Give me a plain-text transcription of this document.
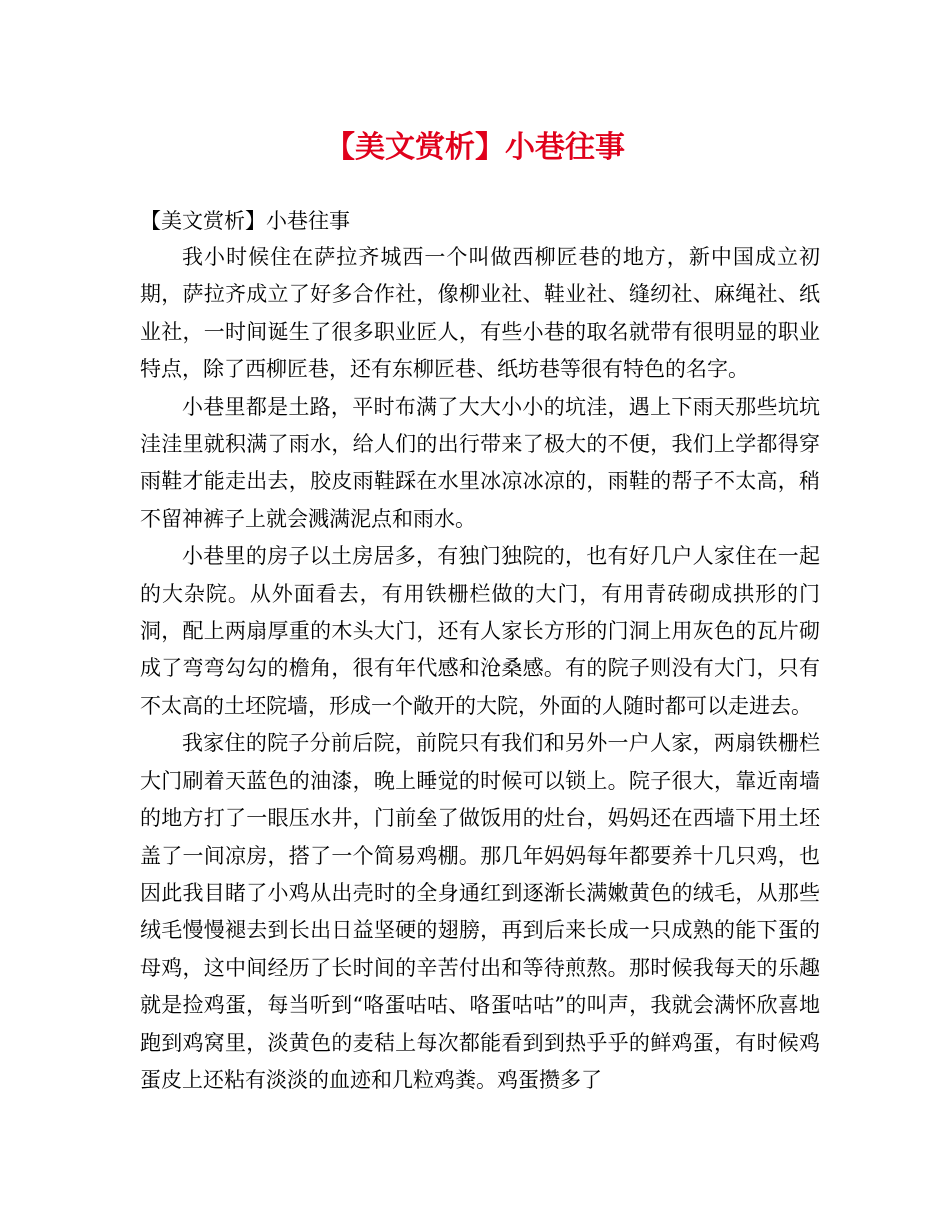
【美文赏析】小巷往事

【美文赏析】小巷往事

我小时候住在萨拉齐城西一个叫做西柳匠巷的地方，新中国成立初期，萨拉齐成立了好多合作社，像柳业社、鞋业社、缝纫社、麻绳社、纸业社，一时间诞生了很多职业匠人，有些小巷的取名就带有很明显的职业特点，除了西柳匠巷，还有东柳匠巷、纸坊巷等很有特色的名字。

小巷里都是土路，平时布满了大大小小的坑洼，遇上下雨天那些坑坑洼洼里就积满了雨水，给人们的出行带来了极大的不便，我们上学都得穿雨鞋才能走出去，胶皮雨鞋踩在水里冰凉冰凉的，雨鞋的帮子不太高，稍不留神裤子上就会溅满泥点和雨水。

小巷里的房子以土房居多，有独门独院的，也有好几户人家住在一起的大杂院。从外面看去，有用铁栅栏做的大门，有用青砖砌成拱形的门洞，配上两扇厚重的木头大门，还有人家长方形的门洞上用灰色的瓦片砌成了弯弯勾勾的檐角，很有年代感和沧桑感。有的院子则没有大门，只有不太高的土坯院墙，形成一个敞开的大院，外面的人随时都可以走进去。

我家住的院子分前后院，前院只有我们和另外一户人家，两扇铁栅栏大门刷着天蓝色的油漆，晚上睡觉的时候可以锁上。院子很大，靠近南墙的地方打了一眼压水井，门前垒了做饭用的灶台，妈妈还在西墙下用土坯盖了一间凉房，搭了一个简易鸡棚。那几年妈妈每年都要养十几只鸡，也因此我目睹了小鸡从出壳时的全身通红到逐渐长满嫩黄色的绒毛，从那些绒毛慢慢褪去到长出日益坚硬的翅膀，再到后来长成一只成熟的能下蛋的母鸡，这中间经历了长时间的辛苦付出和等待煎熬。那时候我每天的乐趣就是捡鸡蛋，每当听到“咯蛋咕咕、咯蛋咕咕”的叫声，我就会满怀欣喜地跑到鸡窝里，淡黄色的麦秸上每次都能看到到热乎乎的鲜鸡蛋，有时候鸡蛋皮上还粘有淡淡的血迹和几粒鸡粪。鸡蛋攒多了
